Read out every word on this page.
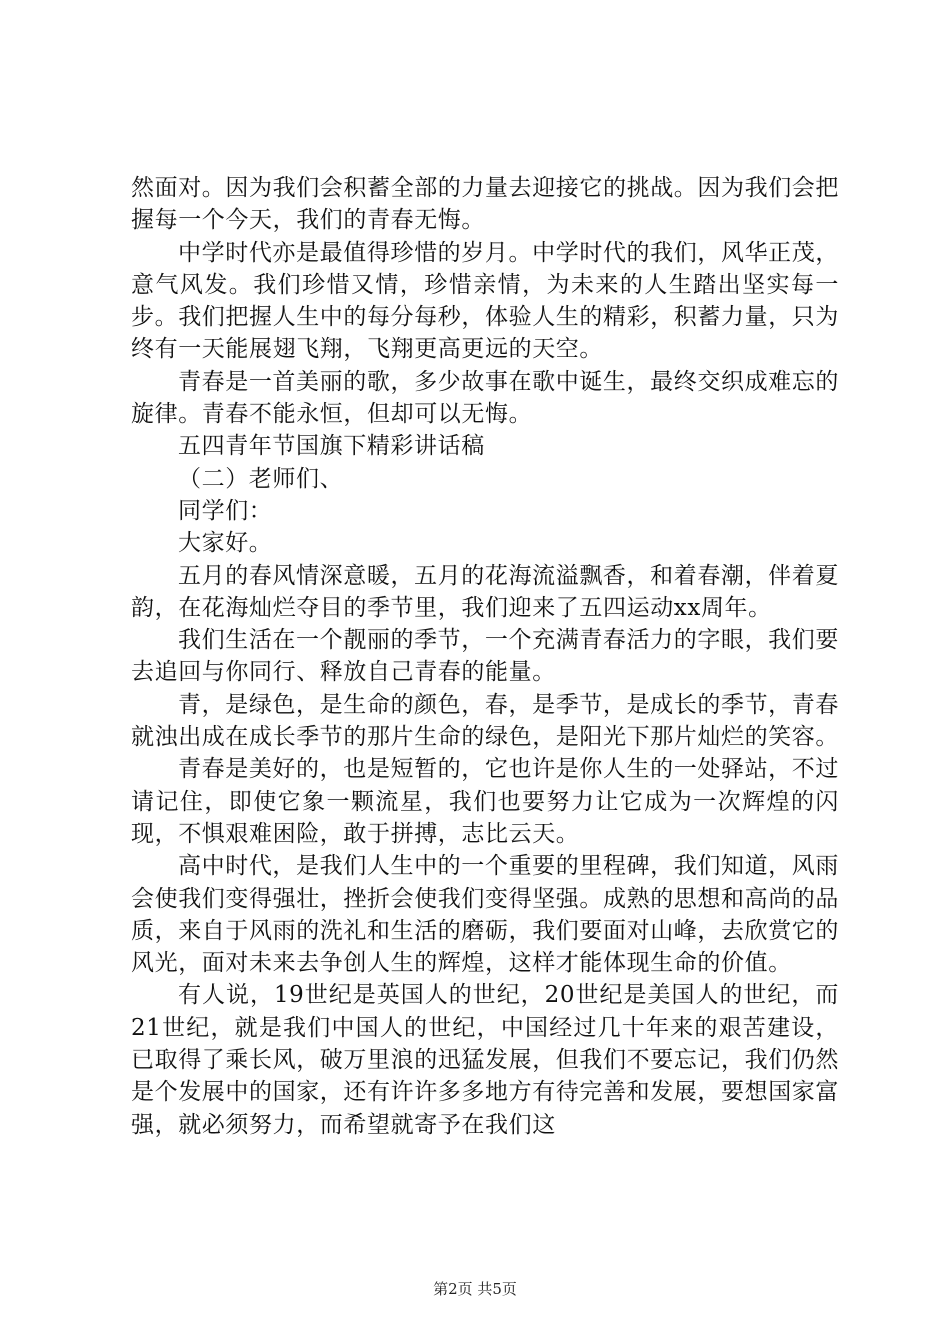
然面对。因为我们会积蓄全部的力量去迎接它的挑战。因为我们会把握每一个今天，我们的青春无悔。

中学时代亦是最值得珍惜的岁月。中学时代的我们，风华正茂，意气风发。我们珍惜又情，珍惜亲情，为未来的人生踏出坚实每一步。我们把握人生中的每分每秒，体验人生的精彩，积蓄力量，只为终有一天能展翅飞翔，飞翔更高更远的天空。

青春是一首美丽的歌，多少故事在歌中诞生，最终交织成难忘的旋律。青春不能永恒，但却可以无悔。

五四青年节国旗下精彩讲话稿

（二）老师们、

同学们：

大家好。

五月的春风情深意暖，五月的花海流溢飘香，和着春潮，伴着夏韵，在花海灿烂夺目的季节里，我们迎来了五四运动xx周年。

我们生活在一个靓丽的季节，一个充满青春活力的字眼，我们要去追回与你同行、释放自己青春的能量。

青，是绿色，是生命的颜色，春，是季节，是成长的季节，青春就浊出成在成长季节的那片生命的绿色，是阳光下那片灿烂的笑容。

青春是美好的，也是短暂的，它也许是你人生的一处驿站，不过请记住，即使它象一颗流星，我们也要努力让它成为一次辉煌的闪现，不惧艰难困险，敢于拼搏，志比云天。

高中时代，是我们人生中的一个重要的里程碑，我们知道，风雨会使我们变得强壮，挫折会使我们变得坚强。成熟的思想和高尚的品质，来自于风雨的洗礼和生活的磨砺，我们要面对山峰，去欣赏它的风光，面对未来去争创人生的辉煌，这样才能体现生命的价值。

有人说，19世纪是英国人的世纪，20世纪是美国人的世纪，而21世纪，就是我们中国人的世纪，中国经过几十年来的艰苦建设，已取得了乘长风，破万里浪的迅猛发展，但我们不要忘记，我们仍然是个发展中的国家，还有许许多多地方有待完善和发展，要想国家富强，就必须努力，而希望就寄予在我们这

第2页 共5页
